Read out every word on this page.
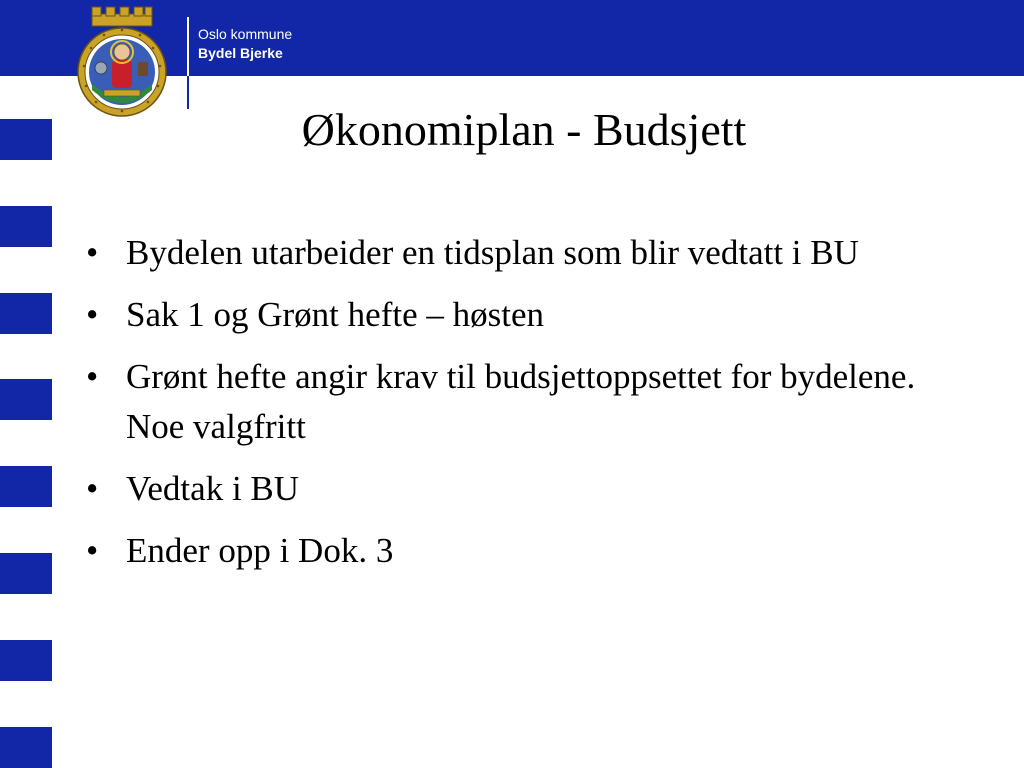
Oslo kommune
Bydel Bjerke
Økonomiplan - Budsjett
• Bydelen utarbeider en tidsplan som blir vedtatt i BU
• Sak 1 og Grønt hefte – høsten
• Grønt hefte angir krav til budsjettoppsettet for bydelene. Noe valgfritt
• Vedtak i BU
• Ender opp i Dok. 3
